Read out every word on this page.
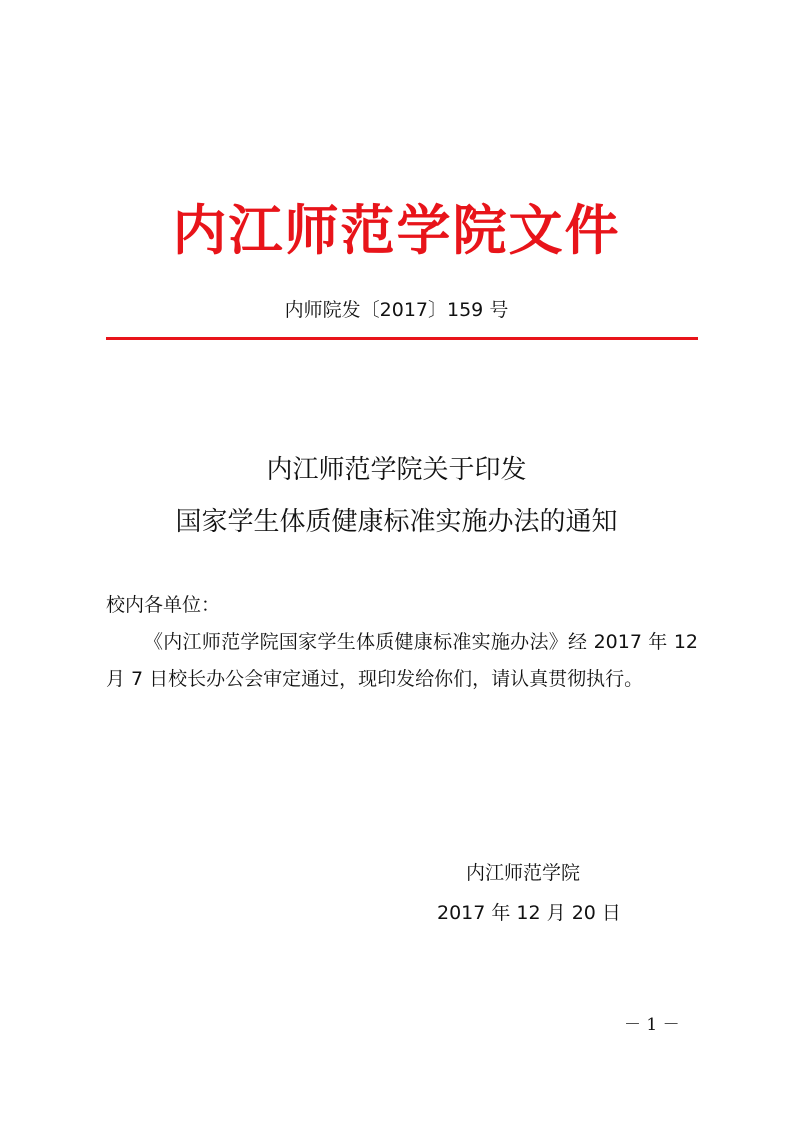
内江师范学院文件
内师院发〔2017〕159 号
内江师范学院关于印发
国家学生体质健康标准实施办法的通知
校内各单位：
《内江师范学院国家学生体质健康标准实施办法》经 2017 年 12 月 7 日校长办公会审定通过，现印发给你们，请认真贯彻执行。
内江师范学院
2017 年 12 月 20 日
－ 1 －
